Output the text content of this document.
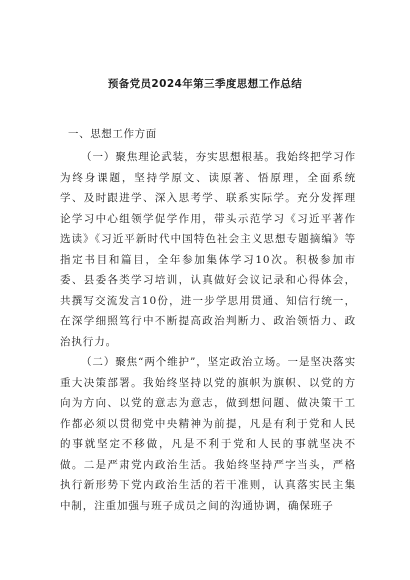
预备党员2024年第三季度思想工作总结
一、思想工作方面

（一）聚焦理论武装，夯实思想根基。我始终把学习作为终身课题，坚持学原文、读原著、悟原理，全面系统学、及时跟进学、深入思考学、联系实际学。充分发挥理论学习中心组领学促学作用，带头示范学习《习近平著作选读》《习近平新时代中国特色社会主义思想专题摘编》等指定书目和篇目，全年参加集体学习10次。积极参加市委、县委各类学习培训，认真做好会议记录和心得体会，共撰写交流发言10份，进一步学思用贯通、知信行统一，在深学细照笃行中不断提高政治判断力、政治领悟力、政治执行力。

（二）聚焦“两个维护”，坚定政治立场。一是坚决落实重大决策部署。我始终坚持以党的旗帜为旗帜、以党的方向为方向、以党的意志为意志，做到想问题、做决策干工作都必须以贯彻党中央精神为前提，凡是有利于党和人民的事就坚定不移做，凡是不利于党和人民的事就坚决不做。二是严肃党内政治生活。我始终坚持严字当头，严格执行新形势下党内政治生活的若干准则，认真落实民主集中制，注重加强与班子成员之间的沟通协调，确保班子
